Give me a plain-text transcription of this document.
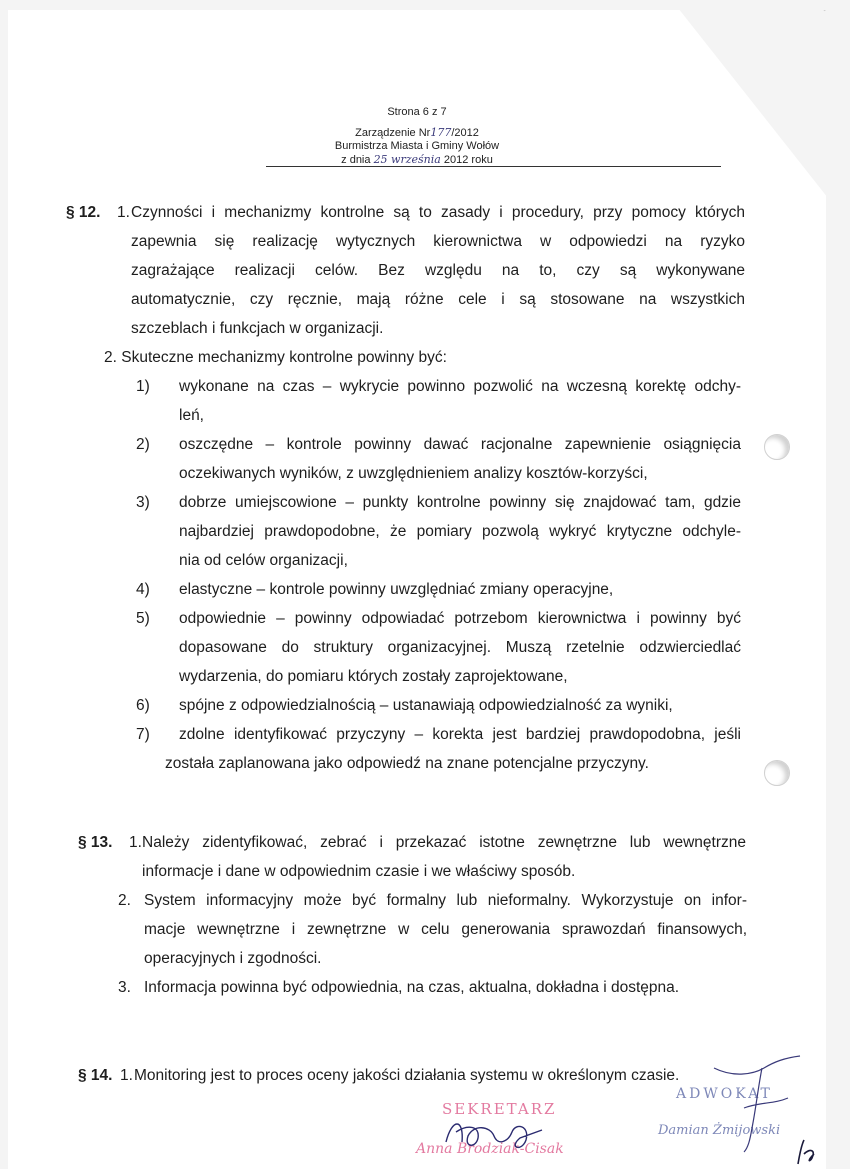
Strona 6 z 7
Zarządzenie Nr177/2012
Burmistrza Miasta i Gminy Wołów
z dnia 25 września 2012 roku
§ 12. 1. Czynności i mechanizmy kontrolne są to zasady i procedury, przy pomocy których
zapewnia się realizację wytycznych kierownictwa w odpowiedzi na ryzyko
zagrażające realizacji celów. Bez względu na to, czy są wykonywane
automatycznie, czy ręcznie, mają różne cele i są stosowane na wszystkich
szczeblach i funkcjach w organizacji.
2. Skuteczne mechanizmy kontrolne powinny być:
1) wykonane na czas – wykrycie powinno pozwolić na wczesną korektę odchy-
leń,
2) oszczędne – kontrole powinny dawać racjonalne zapewnienie osiągnięcia
oczekiwanych wyników, z uwzględnieniem analizy kosztów-korzyści,
3) dobrze umiejscowione – punkty kontrolne powinny się znajdować tam, gdzie
najbardziej prawdopodobne, że pomiary pozwolą wykryć krytyczne odchyle-
nia od celów organizacji,
4) elastyczne – kontrole powinny uwzględniać zmiany operacyjne,
5) odpowiednie – powinny odpowiadać potrzebom kierownictwa i powinny być
dopasowane do struktury organizacyjnej. Muszą rzetelnie odzwierciedlać
wydarzenia, do pomiaru których zostały zaprojektowane,
6) spójne z odpowiedzialnością – ustanawiają odpowiedzialność za wyniki,
7) zdolne identyfikować przyczyny – korekta jest bardziej prawdopodobna, jeśli
została zaplanowana jako odpowiedź na znane potencjalne przyczyny.
§ 13. 1. Należy zidentyfikować, zebrać i przekazać istotne zewnętrzne lub wewnętrzne
informacje i dane w odpowiednim czasie i we właściwy sposób.
2. System informacyjny może być formalny lub nieformalny. Wykorzystuje on infor-
macje wewnętrzne i zewnętrzne w celu generowania sprawozdań finansowych,
operacyjnych i zgodności.
3. Informacja powinna być odpowiednia, na czas, aktualna, dokładna i dostępna.
§ 14. 1. Monitoring jest to proces oceny jakości działania systemu w określonym czasie.
SEKRETARZ
Anna Brodziak-Cisak
ADWOKAT
Damian Żmijowski
